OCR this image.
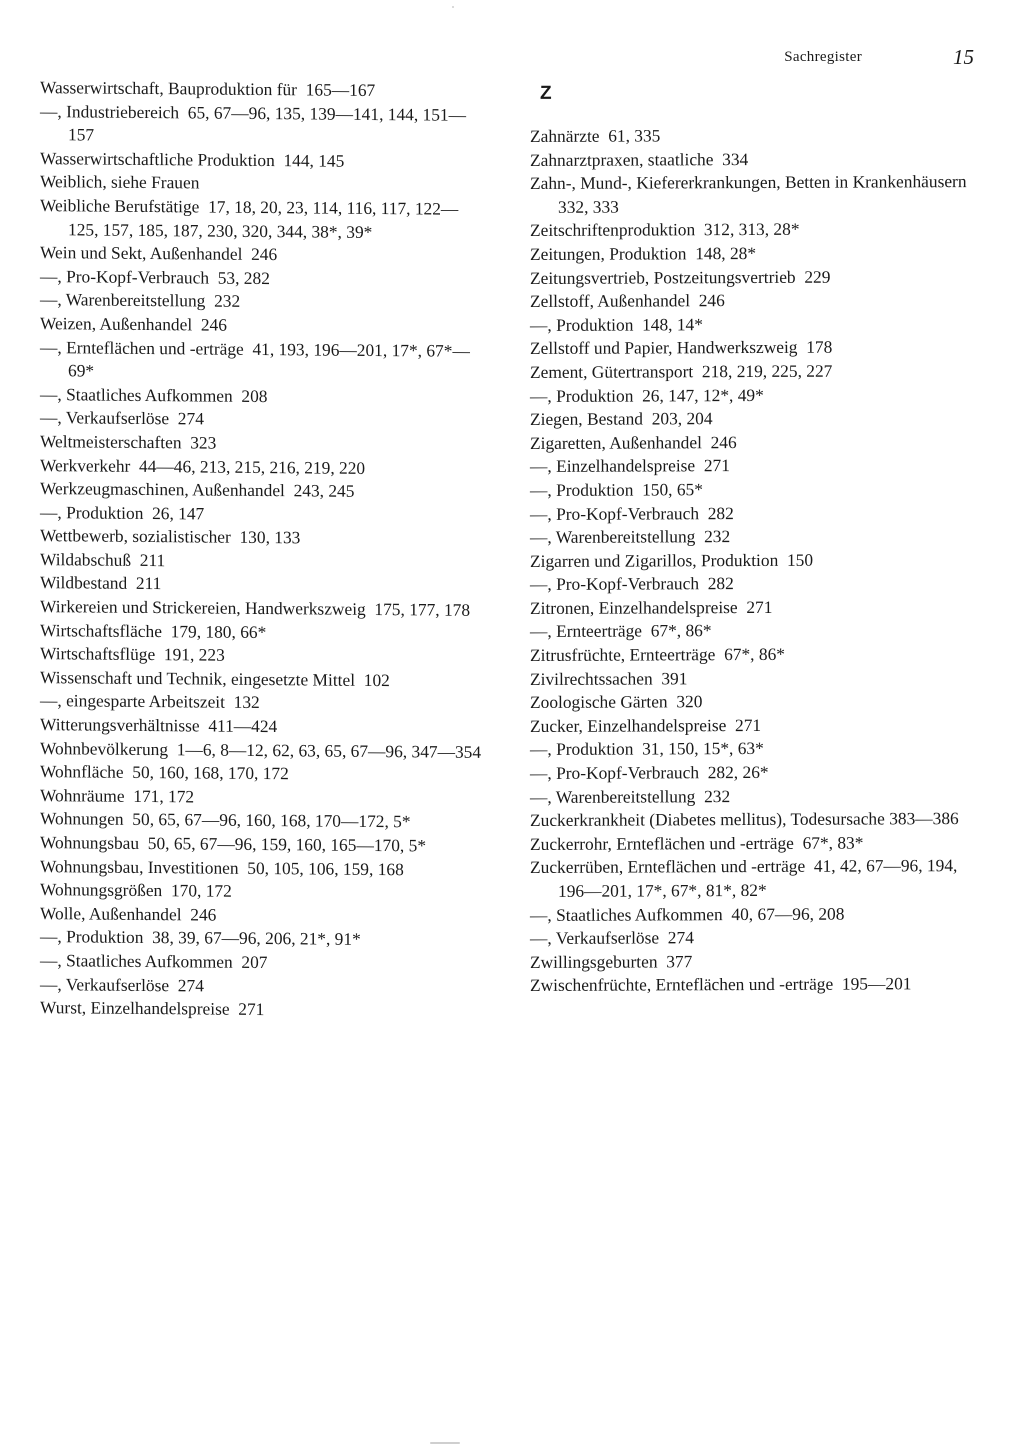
Sachregister	15

Wasserwirtschaft, Bauproduktion für  165—167

—, Industriebereich  65, 67—96, 135, 139—141, 144, 151—157

Wasserwirtschaftliche Produktion  144, 145

Weiblich, siehe Frauen

Weibliche Berufstätige  17, 18, 20, 23, 114, 116, 117, 122—125, 157, 185, 187, 230, 320, 344, 38*, 39*

Wein und Sekt, Außenhandel  246

—, Pro-Kopf-Verbrauch  53, 282

—, Warenbereitstellung  232

Weizen, Außenhandel  246

—, Ernteflächen und -erträge  41, 193, 196—201, 17*, 67*—69*

—, Staatliches Aufkommen  208

—, Verkaufserlöse  274

Weltmeisterschaften  323

Werkverkehr  44—46, 213, 215, 216, 219, 220

Werkzeugmaschinen, Außenhandel  243, 245

—, Produktion  26, 147

Wettbewerb, sozialistischer  130, 133

Wildabschuß  211

Wildbestand  211

Wirkereien und Strickereien, Handwerkszweig  175, 177, 178

Wirtschaftsfläche  179, 180, 66*

Wirtschaftsflüge  191, 223

Wissenschaft und Technik, eingesetzte Mittel  102

—, eingesparte Arbeitszeit  132

Witterungsverhältnisse  411—424

Wohnbevölkerung  1—6, 8—12, 62, 63, 65, 67—96, 347—354

Wohnfläche  50, 160, 168, 170, 172

Wohnräume  171, 172

Wohnungen  50, 65, 67—96, 160, 168, 170—172, 5*

Wohnungsbau  50, 65, 67—96, 159, 160, 165—170, 5*

Wohnungsbau, Investitionen  50, 105, 106, 159, 168

Wohnungsgrößen  170, 172

Wolle, Außenhandel  246

—, Produktion  38, 39, 67—96, 206, 21*, 91*

—, Staatliches Aufkommen  207

—, Verkaufserlöse  274

Wurst, Einzelhandelspreise  271

Z

Zahnärzte  61, 335

Zahnarztpraxen, staatliche  334

Zahn-, Mund-, Kiefererkrankungen, Betten in Krankenhäusern  332, 333

Zeitschriftenproduktion  312, 313, 28*

Zeitungen, Produktion  148, 28*

Zeitungsvertrieb, Postzeitungsvertrieb  229

Zellstoff, Außenhandel  246

—, Produktion  148, 14*

Zellstoff und Papier, Handwerkszweig  178

Zement, Gütertransport  218, 219, 225, 227

—, Produktion  26, 147, 12*, 49*

Ziegen, Bestand  203, 204

Zigaretten, Außenhandel  246

—, Einzelhandelspreise  271

—, Produktion  150, 65*

—, Pro-Kopf-Verbrauch  282

—, Warenbereitstellung  232

Zigarren und Zigarillos, Produktion  150

—, Pro-Kopf-Verbrauch  282

Zitronen, Einzelhandelspreise  271

—, Ernteerträge  67*, 86*

Zitrusfrüchte, Ernteerträge  67*, 86*

Zivilrechtssachen  391

Zoologische Gärten  320

Zucker, Einzelhandelspreise  271

—, Produktion  31, 150, 15*, 63*

—, Pro-Kopf-Verbrauch  282, 26*

—, Warenbereitstellung  232

Zuckerkrankheit (Diabetes mellitus), Todesursache 383—386

Zuckerrohr, Ernteflächen und -erträge  67*, 83*

Zuckerrüben, Ernteflächen und -erträge  41, 42, 67—96, 194, 196—201, 17*, 67*, 81*, 82*

—, Staatliches Aufkommen  40, 67—96, 208

—, Verkaufserlöse  274

Zwillingsgeburten  377

Zwischenfrüchte, Ernteflächen und -erträge  195—201
